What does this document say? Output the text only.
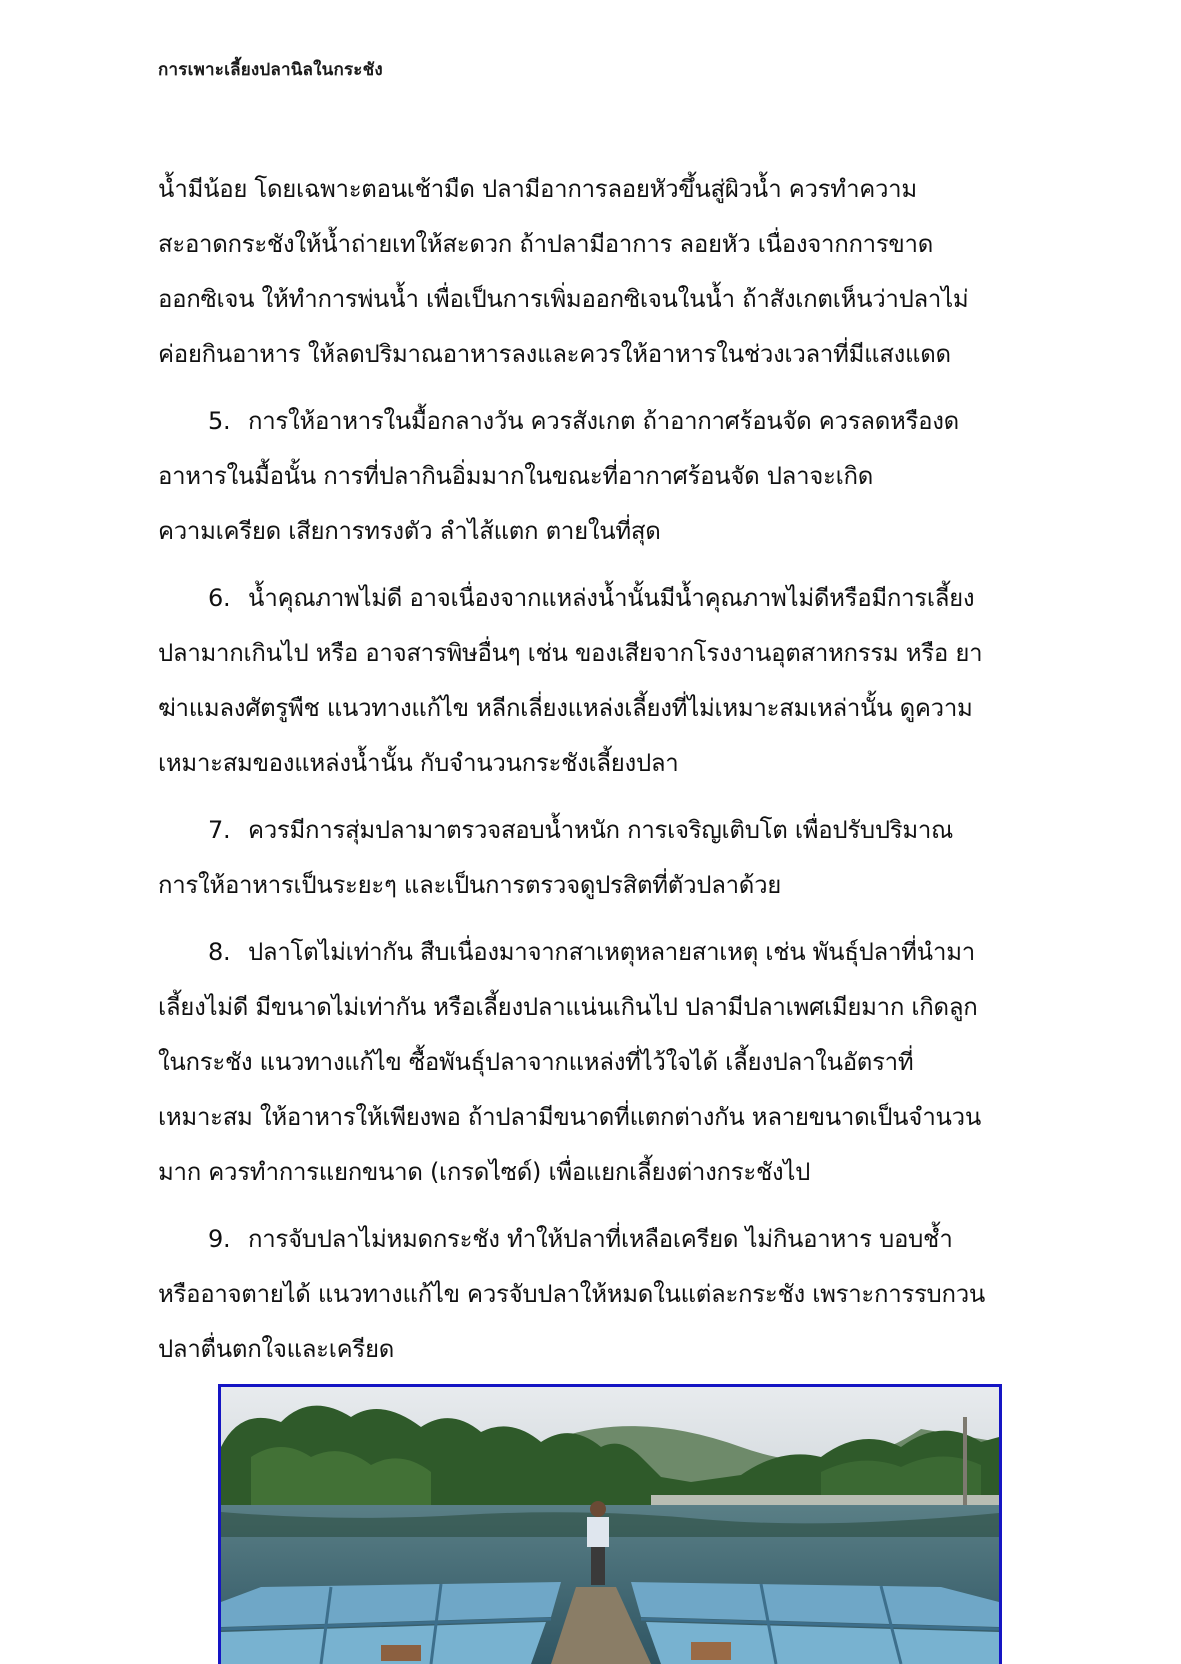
การเพาะเลี้ยงปลานิลในกระชัง
น้ำมีน้อย โดยเฉพาะตอนเช้ามืด ปลามีอาการลอยหัวขึ้นสู่ผิวน้ำ ควรทำความ
สะอาดกระชังให้น้ำถ่ายเทให้สะดวก ถ้าปลามีอาการ ลอยหัว เนื่องจากการขาด
ออกซิเจน ให้ทำการพ่นน้ำ เพื่อเป็นการเพิ่มออกซิเจนในน้ำ ถ้าสังเกตเห็นว่าปลาไม่
ค่อยกินอาหาร ให้ลดปริมาณอาหารลงและควรให้อาหารในช่วงเวลาที่มีแสงแดด
5. การให้อาหารในมื้อกลางวัน ควรสังเกต ถ้าอากาศร้อนจัด ควรลดหรืองด
อาหารในมื้อนั้น การที่ปลากินอิ่มมากในขณะที่อากาศร้อนจัด ปลาจะเกิด
ความเครียด เสียการทรงตัว ลำไส้แตก ตายในที่สุด
6. น้ำคุณภาพไม่ดี อาจเนื่องจากแหล่งน้ำนั้นมีน้ำคุณภาพไม่ดีหรือมีการเลี้ยง
ปลามากเกินไป หรือ อาจสารพิษอื่นๆ เช่น ของเสียจากโรงงานอุตสาหกรรม หรือ ยา
ฆ่าแมลงศัตรูพืช แนวทางแก้ไข หลีกเลี่ยงแหล่งเลี้ยงที่ไม่เหมาะสมเหล่านั้น ดูความ
เหมาะสมของแหล่งน้ำนั้น กับจำนวนกระชังเลี้ยงปลา
7. ควรมีการสุ่มปลามาตรวจสอบน้ำหนัก การเจริญเติบโต เพื่อปรับปริมาณ
การให้อาหารเป็นระยะๆ และเป็นการตรวจดูปรสิตที่ตัวปลาด้วย
8. ปลาโตไม่เท่ากัน สืบเนื่องมาจากสาเหตุหลายสาเหตุ เช่น พันธุ์ปลาที่นำมา
เลี้ยงไม่ดี มีขนาดไม่เท่ากัน หรือเลี้ยงปลาแน่นเกินไป ปลามีปลาเพศเมียมาก เกิดลูก
ในกระชัง แนวทางแก้ไข ซื้อพันธุ์ปลาจากแหล่งที่ไว้ใจได้ เลี้ยงปลาในอัตราที่
เหมาะสม ให้อาหารให้เพียงพอ ถ้าปลามีขนาดที่แตกต่างกัน หลายขนาดเป็นจำนวน
มาก ควรทำการแยกขนาด (เกรดไซด์) เพื่อแยกเลี้ยงต่างกระชังไป
9. การจับปลาไม่หมดกระชัง ทำให้ปลาที่เหลือเครียด ไม่กินอาหาร บอบช้ำ
หรืออาจตายได้ แนวทางแก้ไข ควรจับปลาให้หมดในแต่ละกระชัง เพราะการรบกวน
ปลาตื่นตกใจและเครียด
